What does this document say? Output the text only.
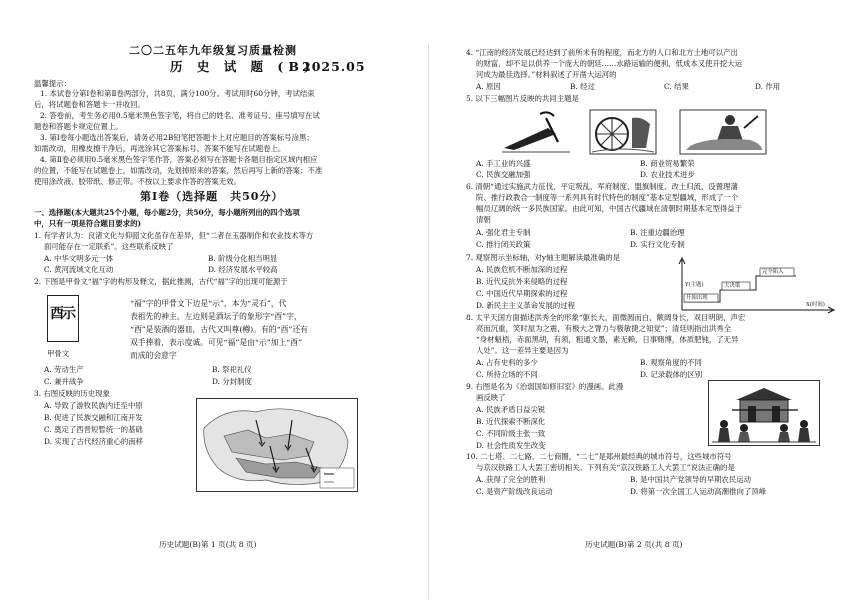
二〇二五年九年级复习质量检测
历 史 试 题 (B)
2025.05
温馨提示：
1. 本试卷分第Ⅰ卷和第Ⅱ卷两部分，共8页，满分100分。考试用时60分钟，考试结束
后，将试题卷和答题卡一并收回。
2. 答卷前，考生务必用0.5毫米黑色签字笔，将自己的姓名、准考证号、座号填写在试
题卷和答题卡规定位置上。
3. 第Ⅰ卷每小题选出答案后，请务必用2B铅笔把答题卡上对应题目的答案标号涂黑；
如需改动，用橡皮擦干净后，再选涂其它答案标号。答案不能写在试题卷上。
4. 第Ⅱ卷必须用0.5毫米黑色签字笔作答，答案必须写在答题卡各题目指定区域内相应
的位置，不能写在试题卷上，如需改动，先划掉原来的答案，然后再写上新的答案；不准
使用涂改液、胶带纸、修正带。不按以上要求作答的答案无效。
第Ⅰ卷（选择题　共50分）
一、选择题(本大题共25个小题，每小题2分，共50分，每小题所列出的四个选项
中，只有一项是符合题目要求的)
1. 有学者认为：良渚文化与仰韶文化虽存在差异，但“二者在玉器制作和农业技术等方
面可能存在一定联系”。这些联系反映了
A. 中华文明多元一体	B. 阶级分化相当明显
C. 黄河流域文化互动	D. 经济发展水平较高
2. 下图是甲骨文“福”字的构形及释文，据此推测，古代“福”字的出现可能源于
酉示
甲骨文
“福”字的甲骨文下边是“示”，本为“灵石”，代
表祖先的神主。左边则是酒坛子的象形字“酉”字，
“酉”是装酒的器皿，古代又叫尊(樽)。有的“酉”还有
双手捧着，表示度诚。可见“福”是由“示”加上“酉”
而成的会意字
A. 劳动生产	B. 祭祀礼仪
C. 兼并战争	D. 分封制度
3. 右图反映的历史现象
A. 导致了游牧民族内迁至中原
B. 促进了民族交融和江南开发
C. 奠定了西晋短暂统一的基础
D. 实现了古代经济重心的南移
历史试题(B)第 1 页(共 8 页)
4. “江南的经济发展已经达到了前所未有的程度，而北方的人口和北方土地可以产出
的财富，却不足以供养一个庞大的朝廷……水路运输的便利、低成本又使开挖大运
河成为最佳选择。”材料叙述了开凿大运河的
A. 原因	B. 经过	C. 结果	D. 作用
5. 以下三幅图片反映的共同主题是
A. 手工业的兴盛	B. 商业贸易繁荣
C. 民族交融加强	D. 农业技术进步
6. 清朝“通过实施武力征伐、平定叛乱、军府制度、盟旗制度、改土归流、设置理藩
院、推行政教合一制度等一系列具有时代特色的制度”基本定型疆域，形成了一个
幅员辽阔的统一多民族国家。由此可知，中国古代疆域在清朝时期基本定型得益于
清朝
A. 强化君主专制	B. 注重边疆治理
C. 推行闭关政策	D. 实行文化专制
7. 观察图示坐标轴，对y轴主题解读最准确的是
A. 民族危机不断加深的过程
B. 近代反抗外来侵略的过程
C. 中国近代早期探索的过程
D. 新民主主义革命发展的过程
Y(主题)
X(时间)
开始出现
大决策
完全陷入
8. 太平天国方面描述洪秀全的形象“躯长大，面微圆而白，额阔身长，双目明朗，声宏
亮而沉重，笑时屋为之震，有极大之膂力与极敏捷之知觉”；清廷则指出洪秀全
“身材魁梧，赤面黑胡，有须，粗通文墨，素无赖，日事赌博，体质肥钝，了无异
人处”。这一差异主要是因为
A. 占有史料的多少	B. 观察角度的不同
C. 所持立场的不同	D. 记录载体的区别
9. 右图是名为《治弱国如修旧室》的漫画。此漫
画反映了
A. 民族矛盾日益尖锐
B. 近代探索不断深化
C. 不同阶级主张一致
D. 社会性质发生改变
10. 二七塔、二七路、二七商圈，“二七”是郑州最经典的城市符号，这些城市符号
与京汉铁路工人大罢工密切相关。下列有关“京汉铁路工人大罢工”说法正确的是
A. 获得了完全的胜利	B. 是中国共产党领导的早期农民运动
C. 是资产阶级改良运动	D. 将第一次全国工人运动高潮推向了顶峰
历史试题(B)第 2 页(共 8 页)
